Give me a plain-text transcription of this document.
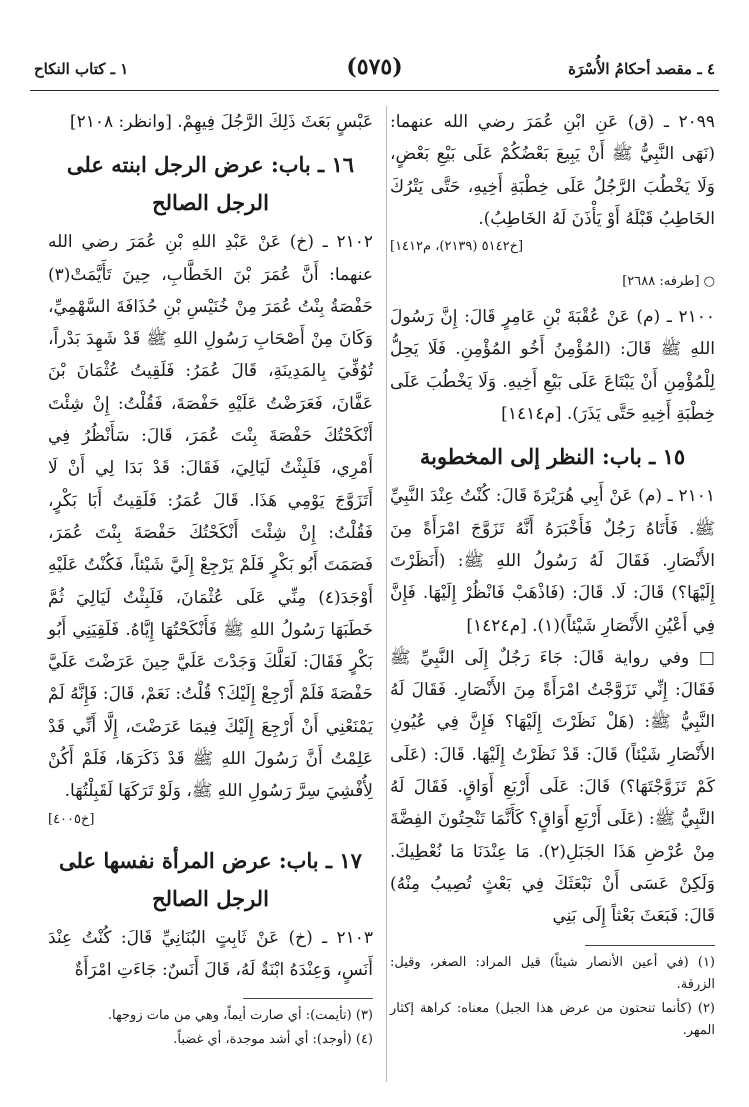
٤ ـ مقصد أحكامُ الأُسْرَة
(٥٧٥)
١ ـ كتاب النكاح

٢٠٩٩ ـ (ق) عَنِ ابْنِ عُمَرَ رضي الله عنهما: (نَهَى النَّبِيُّ ﷺ أَنْ يَبِيعَ بَعْضُكُمْ عَلَى بَيْعِ بَعْضٍ، وَلَا يَخْطُبَ الرَّجُلُ عَلَى خِطْبَةِ أَخِيهِ، حَتَّى يَتْرُكَ الخَاطِبُ قَبْلَهُ أَوْ يَأْذَنَ لَهُ الخَاطِبُ).

[خ٥١٤٢ (٢١٣٩)، م١٤١٢]
○ [طرفه: ٢٦٨٨]

٢١٠٠ ـ (م) عَنْ عُقْبَةَ بْنِ عَامِرٍ قَالَ: إِنَّ رَسُولَ اللهِ ﷺ قَالَ: (المُؤْمِنُ أَخُو المُؤْمِنِ. فَلَا يَحِلُّ لِلْمُؤْمِنِ أَنْ يَبْتَاعَ عَلَى بَيْعِ أَخِيهِ. وَلَا يَخْطُبَ عَلَى خِطْبَةِ أَخِيهِ حَتَّى يَذَرَ). [م١٤١٤]

١٥ ـ باب: النظر إلى المخطوبة

٢١٠١ ـ (م) عَنْ أَبِي هُرَيْرَةَ قَالَ: كُنْتُ عِنْدَ النَّبِيِّ ﷺ. فَأَتَاهُ رَجُلٌ فَأَخْبَرَهُ أَنَّهُ تَزَوَّجَ امْرَأَةً مِنَ الأَنْصَارِ. فَقَالَ لَهُ رَسُولُ اللهِ ﷺ: (أَنَظَرْتَ إِلَيْهَا؟) قَالَ: لَا. قَالَ: (فَاذْهَبْ فَانْظُرْ إِلَيْهَا. فَإِنَّ فِي أَعْيُنِ الأَنْصَارِ شَيْئاً)(١). [م١٤٢٤]

□ وفي رواية قَالَ: جَاءَ رَجُلٌ إِلَى النَّبِيِّ ﷺ فَقَالَ: إِنِّي تَزَوَّجْتُ امْرَأَةً مِنَ الأَنْصَارِ. فَقَالَ لَهُ النَّبِيُّ ﷺ: (هَلْ نَظَرْتَ إِلَيْهَا؟ فَإِنَّ فِي عُيُونِ الأَنْصَارِ شَيْئاً) قَالَ: قَدْ نَظَرْتُ إِلَيْهَا. قَالَ: (عَلَى كَمْ تَزَوَّجْتَهَا؟) قَالَ: عَلَى أَرْبَعِ أَوَاقٍ. فَقَالَ لَهُ النَّبِيُّ ﷺ: (عَلَى أَرْبَعِ أَوَاقٍ؟ كَأَنَّمَا تَنْحِتُونَ الفِضَّةَ مِنْ عُرْضِ هَذَا الجَبَلِ(٢). مَا عِنْدَنَا مَا نُعْطِيكَ. وَلَكِنْ عَسَى أَنْ نَبْعَثَكَ فِي بَعْثٍ تُصِيبُ مِنْهُ) قَالَ: فَبَعَثَ بَعْثاً إِلَى بَنِي

(١) (في أعين الأنصار شيئاً) قيل المراد: الصغر، وقيل: الزرقة.
(٢) (كأنما تنحتون من عرض هذا الجبل) معناه: كراهة إكثار المهر.

عَبْسٍ بَعَثَ ذَلِكَ الرَّجُلَ فِيهِمْ. [وانظر: ٢١٠٨]

١٦ ـ باب: عرض الرجل ابنته على الرجل الصالح

٢١٠٢ ـ (خ) عَنْ عَبْدِ اللهِ بْنِ عُمَرَ رضي الله عنهما: أَنَّ عُمَرَ بْنَ الخَطَّابِ، حِينَ تَأَيَّمَتْ(٣) حَفْصَةُ بِنْتُ عُمَرَ مِنْ خُنَيْسِ بْنِ حُذَافَةَ السَّهْمِيِّ، وَكَانَ مِنْ أَصْحَابِ رَسُولِ اللهِ ﷺ قَدْ شَهِدَ بَدْراً، تُوُفِّيَ بِالمَدِينَةِ، قَالَ عُمَرُ: فَلَقِيتُ عُثْمَانَ بْنَ عَفَّانَ، فَعَرَضْتُ عَلَيْهِ حَفْصَةَ، فَقُلْتُ: إِنْ شِئْتَ أَنْكَحْتُكَ حَفْصَةَ بِنْتَ عُمَرَ، قَالَ: سَأَنْظُرُ فِي أَمْرِي، فَلَبِثْتُ لَيَالِيَ، فَقَالَ: قَدْ بَدَا لِي أَنْ لَا أَتَزَوَّجَ يَوْمِي هَذَا. قَالَ عُمَرُ: فَلَقِيتُ أَبَا بَكْرٍ، فَقُلْتُ: إِنْ شِئْتَ أَنْكَحْتُكَ حَفْصَةَ بِنْتَ عُمَرَ، فَصَمَتَ أَبُو بَكْرٍ فَلَمْ يَرْجِعْ إِلَيَّ شَيْئاً، فَكُنْتُ عَلَيْهِ أَوْجَدَ(٤) مِنِّي عَلَى عُثْمَانَ، فَلَبِثْتُ لَيَالِيَ ثُمَّ خَطَبَهَا رَسُولُ اللهِ ﷺ فَأَنْكَحْتُهَا إِيَّاهُ. فَلَقِيَنِي أَبُو بَكْرٍ فَقَالَ: لَعَلَّكَ وَجَدْتَ عَلَيَّ حِينَ عَرَضْتَ عَلَيَّ حَفْصَةَ فَلَمْ أَرْجِعْ إِلَيْكَ؟ قُلْتُ: نَعَمْ، قَالَ: فَإِنَّهُ لَمْ يَمْنَعْنِي أَنْ أَرْجِعَ إِلَيْكَ فِيمَا عَرَضْتَ، إِلَّا أَنِّي قَدْ عَلِمْتُ أَنَّ رَسُولَ اللهِ ﷺ قَدْ ذَكَرَهَا، فَلَمْ أَكُنْ لِأُفْشِيَ سِرَّ رَسُولِ اللهِ ﷺ، وَلَوْ تَرَكَهَا لَقَبِلْتُهَا.

[خ٤٠٠٥]
١٧ ـ باب: عرض المرأة نفسها على الرجل الصالح

٢١٠٣ ـ (خ) عَنْ ثَابِتٍ البُنَانِيِّ قَالَ: كُنْتُ عِنْدَ أَنَسٍ، وَعِنْدَهُ ابْنَةٌ لَهُ، قَالَ أَنَسٌ: جَاءَتِ امْرَأَةٌ

(٣) (تأيمت): أي صارت أيماً، وهي من مات زوجها.
(٤) (أوجد): أي أشد موجدة، أي غضباً.
